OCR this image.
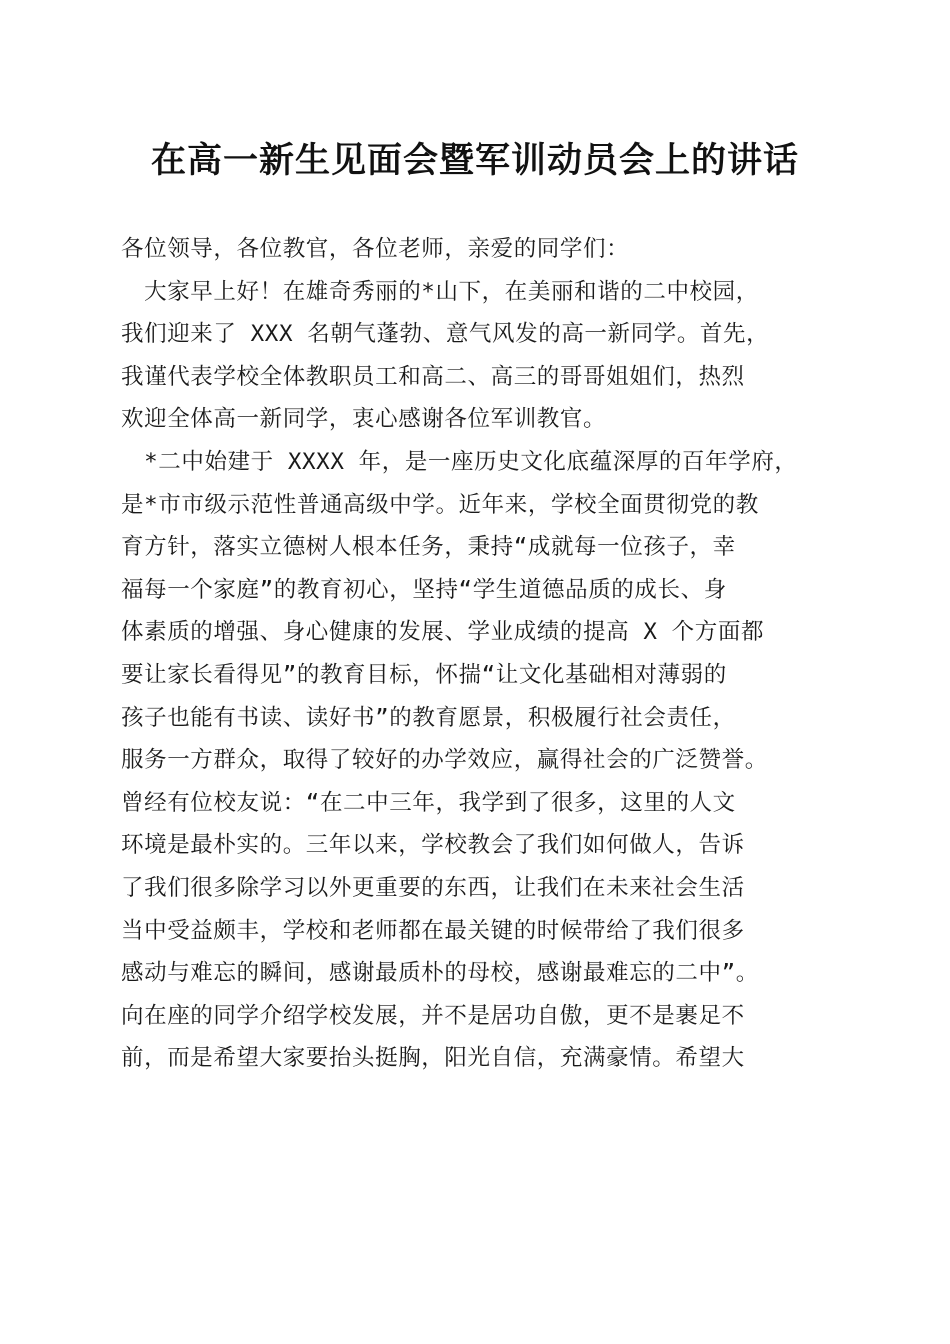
在高一新生见面会暨军训动员会上的讲话
各位领导，各位教官，各位老师，亲爱的同学们：
　大家早上好！在雄奇秀丽的*山下，在美丽和谐的二中校园，
我们迎来了 XXX 名朝气蓬勃、意气风发的高一新同学。首先，
我谨代表学校全体教职员工和高二、高三的哥哥姐姐们，热烈
欢迎全体高一新同学，衷心感谢各位军训教官。
　*二中始建于 XXXX 年，是一座历史文化底蕴深厚的百年学府，
是*市市级示范性普通高级中学。近年来，学校全面贯彻党的教
育方针，落实立德树人根本任务，秉持“成就每一位孩子，幸
福每一个家庭”的教育初心，坚持“学生道德品质的成长、身
体素质的增强、身心健康的发展、学业成绩的提高 X 个方面都
要让家长看得见”的教育目标，怀揣“让文化基础相对薄弱的
孩子也能有书读、读好书”的教育愿景，积极履行社会责任，
服务一方群众，取得了较好的办学效应，赢得社会的广泛赞誉。
曾经有位校友说：“在二中三年，我学到了很多，这里的人文
环境是最朴实的。三年以来，学校教会了我们如何做人，告诉
了我们很多除学习以外更重要的东西，让我们在未来社会生活
当中受益颇丰，学校和老师都在最关键的时候带给了我们很多
感动与难忘的瞬间，感谢最质朴的母校，感谢最难忘的二中”。
向在座的同学介绍学校发展，并不是居功自傲，更不是裹足不
前，而是希望大家要抬头挺胸，阳光自信，充满豪情。希望大
